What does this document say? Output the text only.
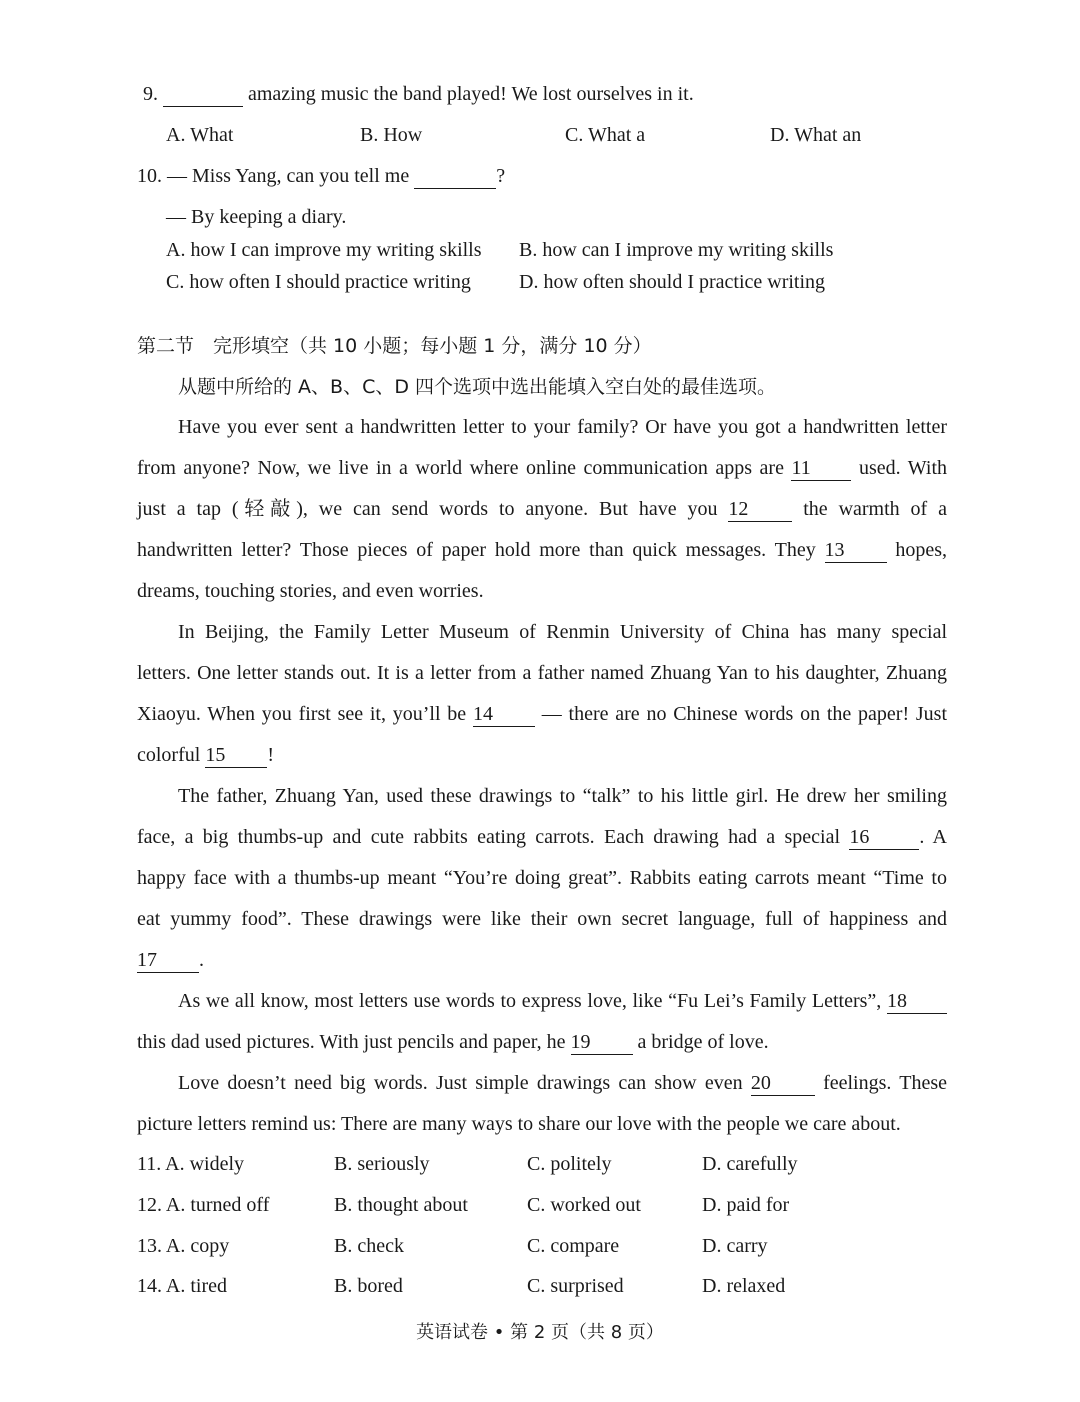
9.	amazing music the band played! We lost ourselves in it.
A. What	B. How	C. What a	D. What an
10. — Miss Yang, can you tell me	?
— By keeping a diary.
A. how I can improve my writing skills B. how can I improve my writing skills
C. how often I should practice writing D. how often should I practice writing
第二节　完形填空（共 10 小题；每小题 1 分，满分 10 分）
从题中所给的 A、B、C、D 四个选项中选出能填入空白处的最佳选项。
Have you ever sent a handwritten letter to your family? Or have you got a handwritten letter
from anyone? Now, we live in a world where online communication apps are 11 used. With
just a tap (轻敲), we can send words to anyone. But have you 12	the warmth of a
handwritten letter? Those pieces of paper hold more than quick messages. They 13	hopes,
dreams, touching stories, and even worries.
In Beijing, the Family Letter Museum of Renmin University of China has many special
letters. One letter stands out. It is a letter from a father named Zhuang Yan to his daughter, Zhuang
Xiaoyu. When you first see it, you’ll be 14 — there are no Chinese words on the paper! Just
colorful 15 !
The father, Zhuang Yan, used these drawings to “talk” to his little girl. He drew her smiling
face, a big thumbs-up and cute rabbits eating carrots. Each drawing had a special 16	. A
happy face with a thumbs-up meant “You’re doing great”. Rabbits eating carrots meant “Time to
eat yummy food”. These drawings were like their own secret language, full of happiness and
17 .
As we all know, most letters use words to express love, like “Fu Lei’s Family Letters”, 18
this dad used pictures. With just pencils and paper, he 19 a bridge of love.
Love doesn’t need big words. Just simple drawings can show even 20	feelings. These
picture letters remind us: There are many ways to share our love with the people we care about.
11. A. widely	B. seriously	C. politely	D. carefully
12. A. turned off	B. thought about	C. worked out	D. paid for
13. A. copy	B. check	C. compare	D. carry
14. A. tired	B. bored	C. surprised	D. relaxed
英语试卷 • 第 2 页（共 8 页）
